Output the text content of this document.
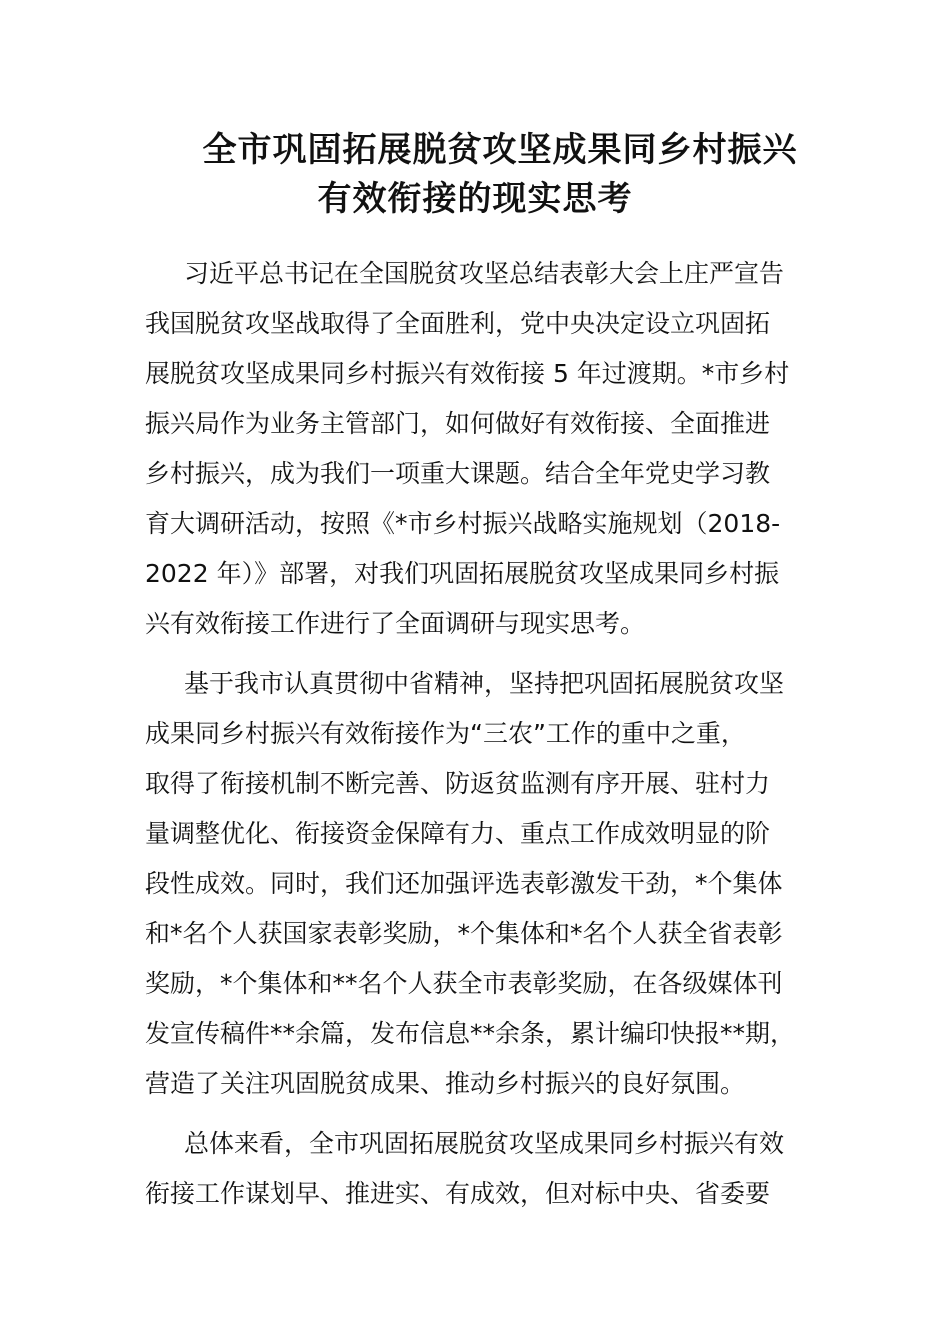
全市巩固拓展脱贫攻坚成果同乡村振兴
有效衔接的现实思考

习近平总书记在全国脱贫攻坚总结表彰大会上庄严宣告

我国脱贫攻坚战取得了全面胜利，党中央决定设立巩固拓

展脱贫攻坚成果同乡村振兴有效衔接 5 年过渡期。*市乡村

振兴局作为业务主管部门，如何做好有效衔接、全面推进

乡村振兴，成为我们一项重大课题。结合全年党史学习教

育大调研活动，按照《*市乡村振兴战略实施规划（2018-

2022 年）》部署，对我们巩固拓展脱贫攻坚成果同乡村振

兴有效衔接工作进行了全面调研与现实思考。

基于我市认真贯彻中省精神，坚持把巩固拓展脱贫攻坚

成果同乡村振兴有效衔接作为“三农”工作的重中之重，

取得了衔接机制不断完善、防返贫监测有序开展、驻村力

量调整优化、衔接资金保障有力、重点工作成效明显的阶

段性成效。同时，我们还加强评选表彰激发干劲，*个集体

和*名个人获国家表彰奖励，*个集体和*名个人获全省表彰

奖励，*个集体和**名个人获全市表彰奖励，在各级媒体刊

发宣传稿件**余篇，发布信息**余条，累计编印快报**期，

营造了关注巩固脱贫成果、推动乡村振兴的良好氛围。

总体来看，全市巩固拓展脱贫攻坚成果同乡村振兴有效

衔接工作谋划早、推进实、有成效，但对标中央、省委要
